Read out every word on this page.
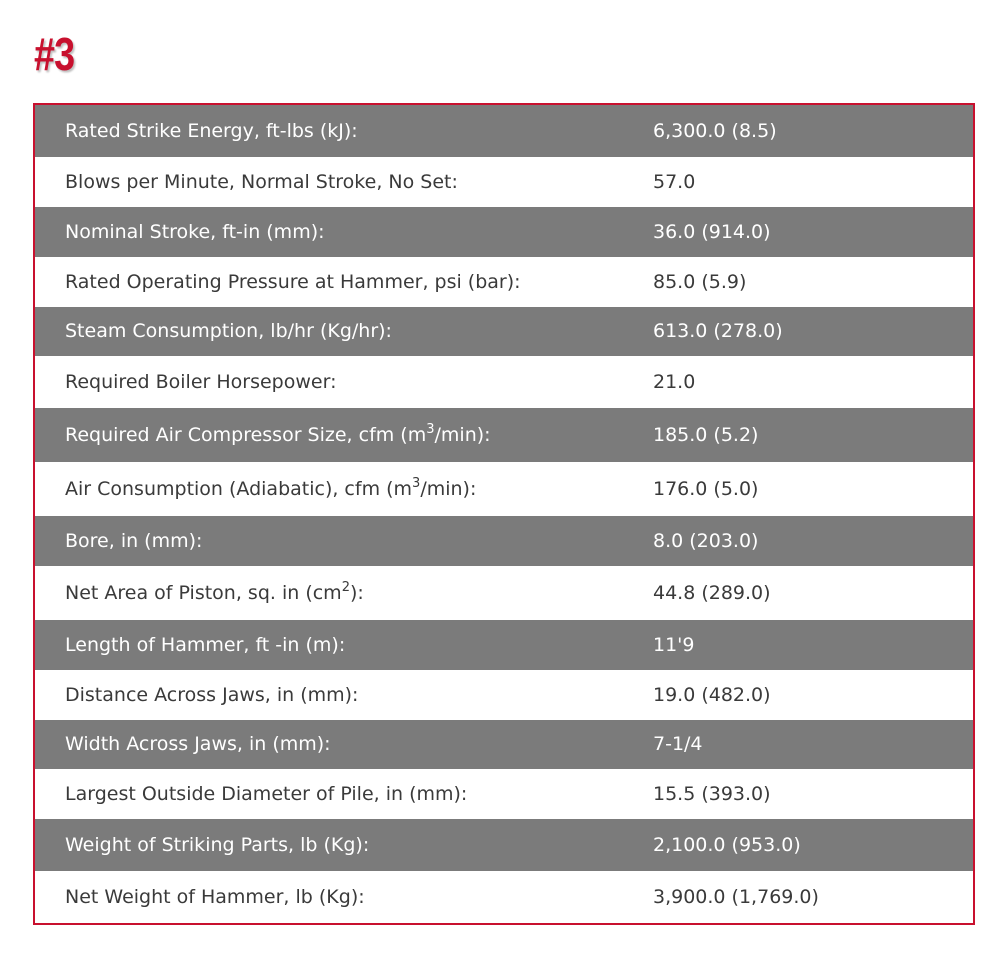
#3
Rated Strike Energy, ft-lbs (kJ):	6,300.0 (8.5)
Blows per Minute, Normal Stroke, No Set:	57.0
Nominal Stroke, ft-in (mm):	36.0 (914.0)
Rated Operating Pressure at Hammer, psi (bar):	85.0 (5.9)
Steam Consumption, lb/hr (Kg/hr):	613.0 (278.0)
Required Boiler Horsepower:	21.0
Required Air Compressor Size, cfm $(m^3/\min)$:	185.0 (5.2)
Air Consumption (Adiabatic), cfm $(m^3/\min)$:	176.0 (5.0)
Bore, in (mm):	8.0 (203.0)
Net Area of Piston, sq. in $(cm^2)$:	44.8 (289.0)
Length of Hammer, ft -in (m):	11'9
Distance Across Jaws, in (mm):	19.0 (482.0)
Width Across Jaws, in (mm):	7-1/4
Largest Outside Diameter of Pile, in (mm):	15.5 (393.0)
Weight of Striking Parts, lb (Kg):	2,100.0 (953.0)
Net Weight of Hammer, lb (Kg):	3,900.0 (1,769.0)
